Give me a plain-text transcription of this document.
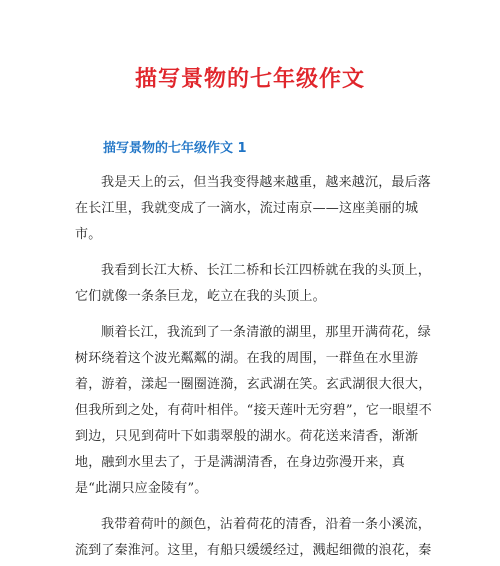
描写景物的七年级作文
描写景物的七年级作文 1

我是天上的云，但当我变得越来越重，越来越沉，最后落在长江里，我就变成了一滴水，流过南京——这座美丽的城市。

我看到长江大桥、长江二桥和长江四桥就在我的头顶上，它们就像一条条巨龙，屹立在我的头顶上。

顺着长江，我流到了一条清澈的湖里，那里开满荷花，绿树环绕着这个波光粼粼的湖。在我的周围，一群鱼在水里游着，游着，漾起一圈圈涟漪，玄武湖在笑。玄武湖很大很大，但我所到之处，有荷叶相伴。“接天莲叶无穷碧”，它一眼望不到边，只见到荷叶下如翡翠般的湖水。荷花送来清香，渐渐地，融到水里去了，于是满湖清香，在身边弥漫开来，真是“此湖只应金陵有”。

我带着荷叶的颜色，沾着荷花的清香，沿着一条小溪流，流到了秦淮河。这里，有船只缓缓经过，溅起细微的浪花，秦
